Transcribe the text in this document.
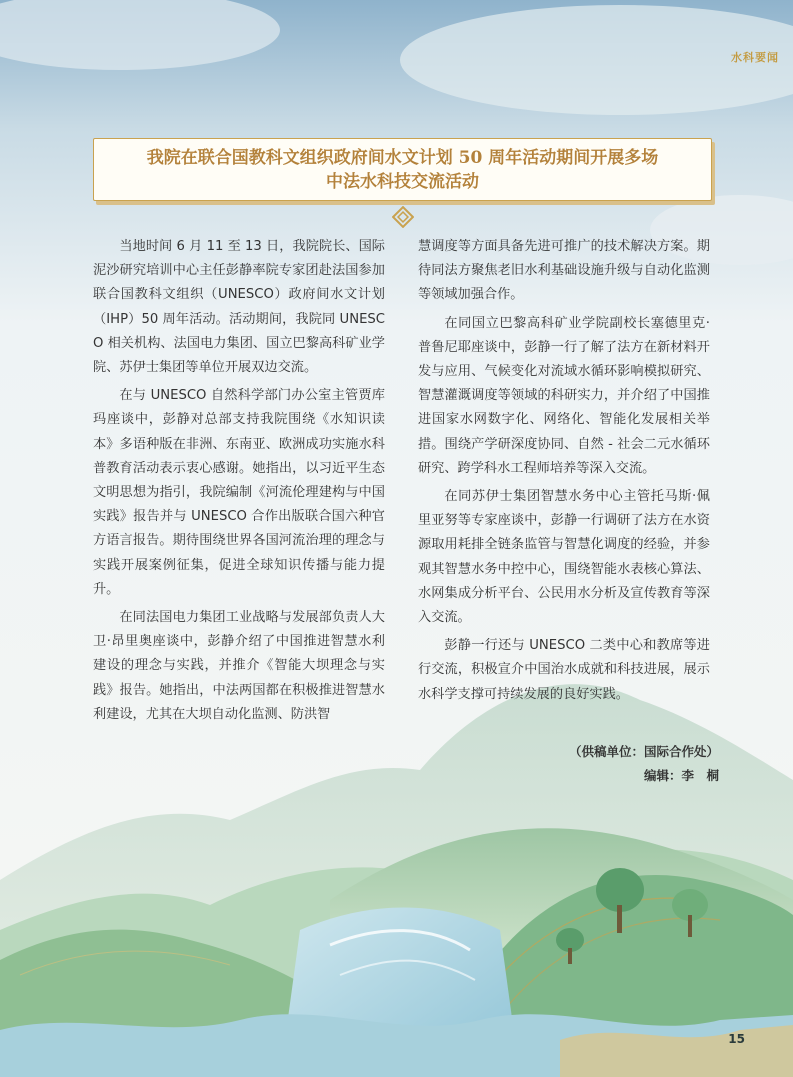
水科要闻
我院在联合国教科文组织政府间水文计划 50 周年活动期间开展多场
中法水科技交流活动

当地时间 6 月 11 至 13 日，我院院长、国际泥沙研究培训中心主任彭静率院专家团赴法国参加联合国教科文组织（UNESCO）政府间水文计划（IHP）50 周年活动。活动期间，我院同 UNESCO 相关机构、法国电力集团、国立巴黎高科矿业学院、苏伊士集团等单位开展双边交流。

在与 UNESCO 自然科学部门办公室主管贾库玛座谈中，彭静对总部支持我院围绕《水知识读本》多语种版在非洲、东南亚、欧洲成功实施水科普教育活动表示衷心感谢。她指出，以习近平生态文明思想为指引，我院编制《河流伦理建构与中国实践》报告并与 UNESCO 合作出版联合国六种官方语言报告。期待围绕世界各国河流治理的理念与实践开展案例征集，促进全球知识传播与能力提升。

在同法国电力集团工业战略与发展部负责人大卫·昂里奥座谈中，彭静介绍了中国推进智慧水利建设的理念与实践，并推介《智能大坝理念与实践》报告。她指出，中法两国都在积极推进智慧水利建设，尤其在大坝自动化监测、防洪智

慧调度等方面具备先进可推广的技术解决方案。期待同法方聚焦老旧水利基础设施升级与自动化监测等领域加强合作。

在同国立巴黎高科矿业学院副校长塞德里克·普鲁尼耶座谈中，彭静一行了解了法方在新材料开发与应用、气候变化对流域水循环影响模拟研究、智慧灌溉调度等领域的科研实力，并介绍了中国推进国家水网数字化、网络化、智能化发展相关举措。围绕产学研深度协同、自然 - 社会二元水循环研究、跨学科水工程师培养等深入交流。

在同苏伊士集团智慧水务中心主管托马斯·佩里亚努等专家座谈中，彭静一行调研了法方在水资源取用耗排全链条监管与智慧化调度的经验，并参观其智慧水务中控中心，围绕智能水表核心算法、水网集成分析平台、公民用水分析及宣传教育等深入交流。

彭静一行还与 UNESCO 二类中心和教席等进行交流，积极宣介中国治水成就和科技进展，展示水科学支撑可持续发展的良好实践。

（供稿单位：国际合作处）
编辑：李　桐
15
